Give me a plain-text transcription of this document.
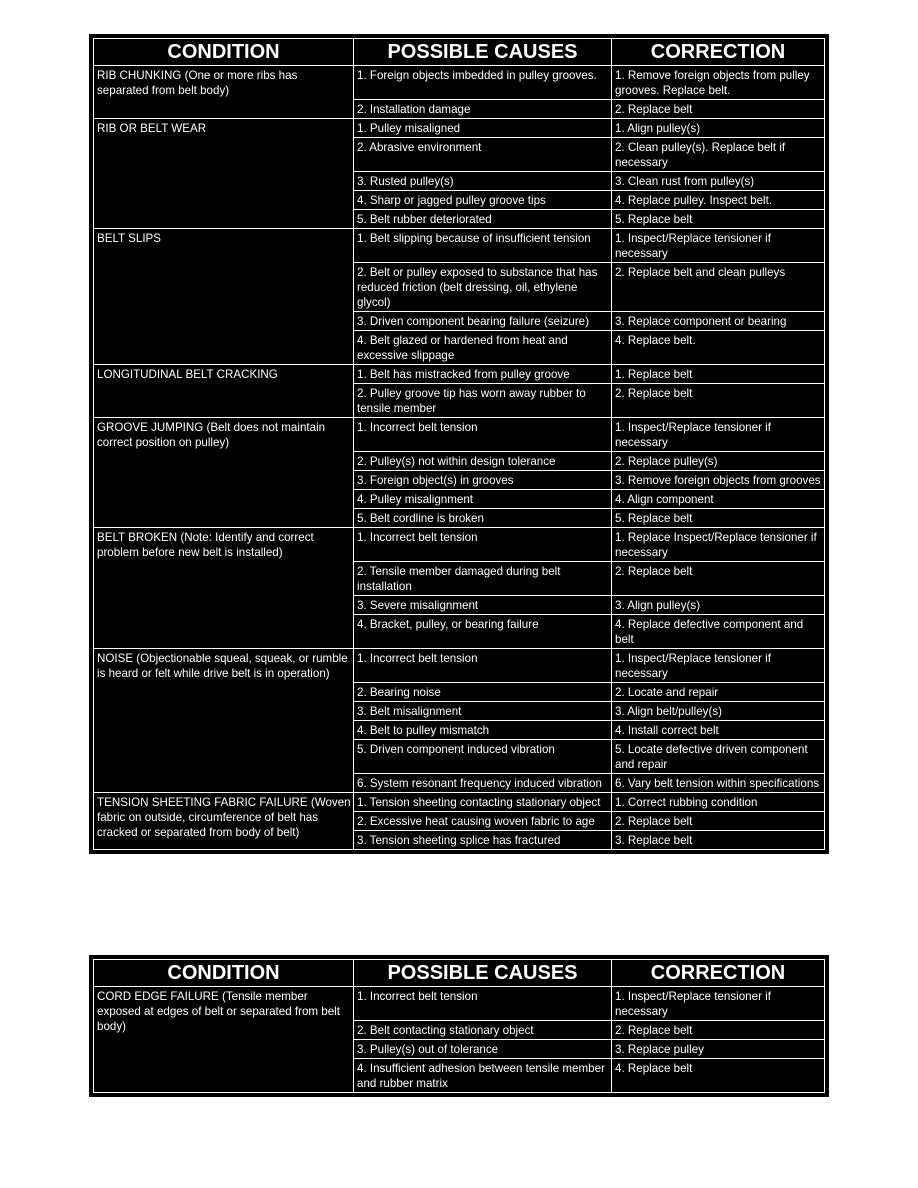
CONDITION	POSSIBLE CAUSES	CORRECTION
RIB CHUNKING (One or more ribs has separated from belt body)	1. Foreign objects imbedded in pulley grooves.	1. Remove foreign objects from pulley grooves. Replace belt.
	2. Installation damage	2. Replace belt
RIB OR BELT WEAR	1. Pulley misaligned	1. Align pulley(s)
	2. Abrasive environment	2. Clean pulley(s). Replace belt if necessary
	3. Rusted pulley(s)	3. Clean rust from pulley(s)
	4. Sharp or jagged pulley groove tips	4. Replace pulley. Inspect belt.
	5. Belt rubber deteriorated	5. Replace belt
BELT SLIPS	1. Belt slipping because of insufficient tension	1. Inspect/Replace tensioner if necessary
	2. Belt or pulley exposed to substance that has reduced friction (belt dressing, oil, ethylene glycol)	2. Replace belt and clean pulleys
	3. Driven component bearing failure (seizure)	3. Replace component or bearing
	4. Belt glazed or hardened from heat and excessive slippage	4. Replace belt.
LONGITUDINAL BELT CRACKING	1. Belt has mistracked from pulley groove	1. Replace belt
	2. Pulley groove tip has worn away rubber to tensile member	2. Replace belt
GROOVE JUMPING (Belt does not maintain correct position on pulley)	1. Incorrect belt tension	1. Inspect/Replace tensioner if necessary
	2. Pulley(s) not within design tolerance	2. Replace pulley(s)
	3. Foreign object(s) in grooves	3. Remove foreign objects from grooves
	4. Pulley misalignment	4. Align component
	5. Belt cordline is broken	5. Replace belt
BELT BROKEN (Note: Identify and correct problem before new belt is installed)	1. Incorrect belt tension	1. Replace Inspect/Replace tensioner if necessary
	2. Tensile member damaged during belt installation	2. Replace belt
	3. Severe misalignment	3. Align pulley(s)
	4. Bracket, pulley, or bearing failure	4. Replace defective component and belt
NOISE (Objectionable squeal, squeak, or rumble is heard or felt while drive belt is in operation)	1. Incorrect belt tension	1. Inspect/Replace tensioner if necessary
	2. Bearing noise	2. Locate and repair
	3. Belt misalignment	3. Align belt/pulley(s)
	4. Belt to pulley mismatch	4. Install correct belt
	5. Driven component induced vibration	5. Locate defective driven component and repair
	6. System resonant frequency induced vibration	6. Vary belt tension within specifications
TENSION SHEETING FABRIC FAILURE (Woven fabric on outside, circumference of belt has cracked or separated from body of belt)	1. Tension sheeting contacting stationary object	1. Correct rubbing condition
	2. Excessive heat causing woven fabric to age	2. Replace belt
	3. Tension sheeting splice has fractured	3. Replace belt
CONDITION	POSSIBLE CAUSES	CORRECTION
CORD EDGE FAILURE (Tensile member exposed at edges of belt or separated from belt body)	1. Incorrect belt tension	1. Inspect/Replace tensioner if necessary
	2. Belt contacting stationary object	2. Replace belt
	3. Pulley(s) out of tolerance	3. Replace pulley
	4. Insufficient adhesion between tensile member and rubber matrix	4. Replace belt
